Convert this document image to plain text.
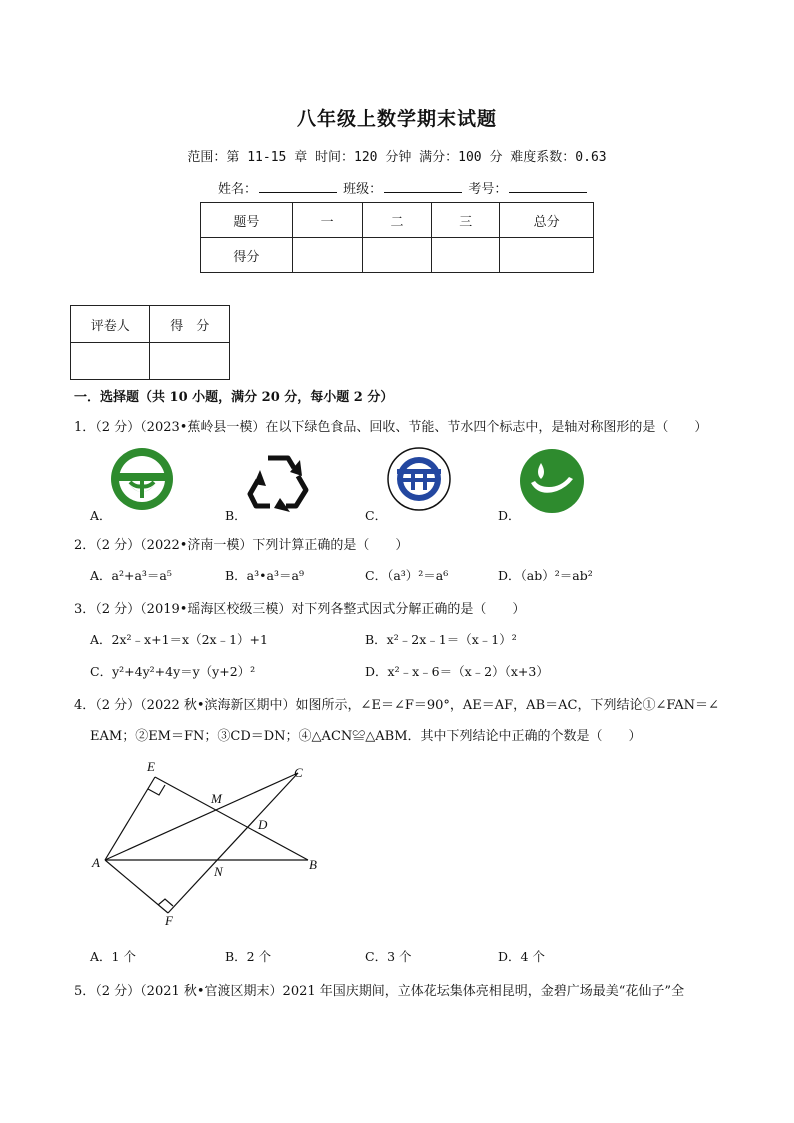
八年级上数学期末试题
范围：第 11-15 章 时间：120 分钟 满分：100 分 难度系数：0.63
姓名：	班级：	考号：
题号	一	二	三	总分
得分				
评卷人	得　分

一．选择题（共 10 小题，满分 20 分，每小题 2 分）
1．（2 分）（2023•蕉岭县一模）在以下绿色食品、回收、节能、节水四个标志中，是轴对称图形的是（　　）
A．	B．	C．	D．
2．（2 分）（2022•济南一模）下列计算正确的是（　　）
A．a²+a³＝a⁵	B．a³•a³＝a⁹	C．（a³）²＝a⁶	D．（ab）²＝ab²
3．（2 分）（2019•瑶海区校级三模）对下列各整式因式分解正确的是（　　）
A．2x²﹣x+1＝x（2x﹣1）+1	B．x²﹣2x﹣1＝（x﹣1）²
C．y²+4y²+4y＝y（y+2）²	D．x²﹣x﹣6＝（x﹣2）（x+3）
4．（2 分）（2022 秋•滨海新区期中）如图所示，∠E＝∠F＝90°，AE＝AF，AB＝AC，下列结论①∠FAN＝∠
EAM；②EM＝FN；③CD＝DN；④△ACN≌△ABM．其中下列结论中正确的个数是（　　）
E	C
M
D
A
N	B
F
A．1 个	B．2 个	C．3 个	D．4 个
5．（2 分）（2021 秋•官渡区期末）2021 年国庆期间，立体花坛集体亮相昆明，金碧广场最美“花仙子”全
